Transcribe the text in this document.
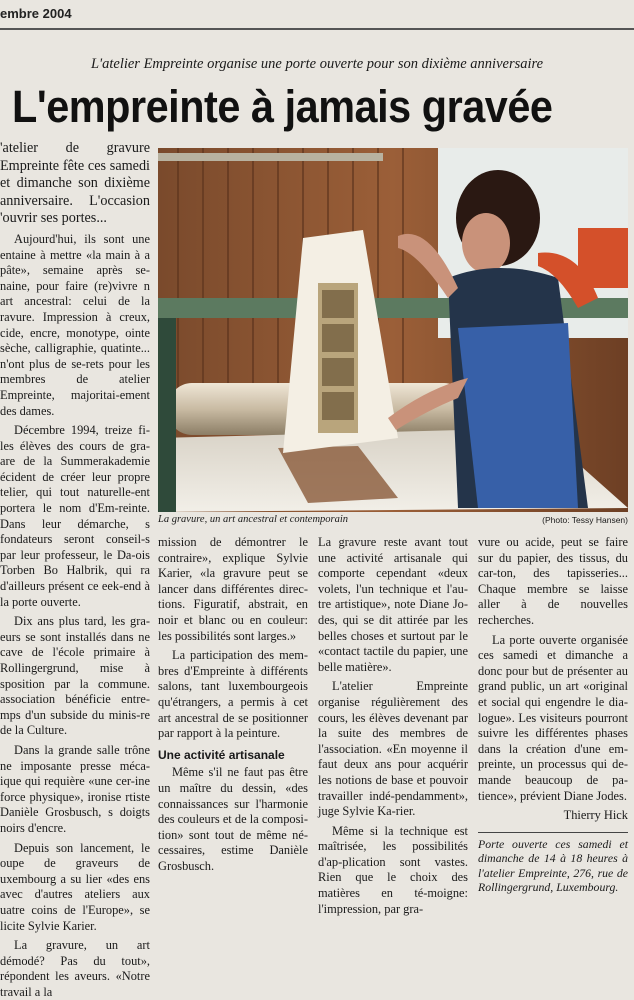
embre 2004
L'atelier Empreinte organise une porte ouverte pour son dixième anniversaire
L'empreinte à jamais gravée

'atelier de gravure Empreinte fête ces samedi et dimanche son dixième anniversaire. L'occasion 'ouvrir ses portes...

Aujourd'hui, ils sont une entaine à mettre «la main à a pâte», semaine après se-naine, pour faire (re)vivre n art ancestral: celui de la ravure. Impression à creux, cide, encre, monotype, ointe sèche, calligraphie, quatinte... n'ont plus de se-rets pour les membres de atelier Empreinte, majoritai-ement des dames.

Décembre 1994, treize fi-les élèves des cours de gra-are de la Summerakademie écident de créer leur propre telier, qui tout naturelle-ent portera le nom d'Em-reinte. Dans leur démarche, s fondateurs seront conseil-s par leur professeur, le Da-ois Torben Bo Halbrik, qui ra d'ailleurs présent ce eek-end à la porte ouverte.

Dix ans plus tard, les gra-eurs se sont installés dans ne cave de l'école primaire à Rollingergrund, mise à sposition par la commune. association bénéficie entre-mps d'un subside du minis-re de la Culture.

Dans la grande salle trône ne imposante presse méca-ique qui requière «une cer-ine force physique», ironise rtiste Danièle Grosbusch, s doigts noirs d'encre.

Depuis son lancement, le oupe de graveurs de uxembourg a su lier «des ens avec d'autres ateliers aux uatre coins de l'Europe», se licite Sylvie Karier.

La gravure, un art démodé? Pas du tout», répondent les aveurs. «Notre travail a la

La gravure, un art ancestral et contemporain	(Photo: Tessy Hansen)

mission de démontrer le contraire», explique Sylvie Karier, «la gravure peut se lancer dans différentes direc-tions. Figuratif, abstrait, en noir et blanc ou en couleur: les possibilités sont larges.»

La participation des mem-bres d'Empreinte à différents salons, tant luxembourgeois qu'étrangers, a permis à cet art ancestral de se positionner par rapport à la peinture.

Une activité artisanale

Même s'il ne faut pas être un maître du dessin, «des connaissances sur l'harmonie des couleurs et de la composi-tion» sont tout de même né-cessaires, estime Danièle Grosbusch.

La gravure reste avant tout une activité artisanale qui comporte cependant «deux volets, l'un technique et l'au-tre artistique», note Diane Jo-des, qui se dit attirée par les belles choses et surtout par le «contact tactile du papier, une belle matière».

L'atelier Empreinte organise régulièrement des cours, les élèves devenant par la suite des membres de l'association. «En moyenne il faut deux ans pour acquérir les notions de base et pouvoir travailler indé-pendamment», juge Sylvie Ka-rier.

Même si la technique est maîtrisée, les possibilités d'ap-plication sont vastes. Rien que le choix des matières en té-moigne: l'impression, par gra-

vure ou acide, peut se faire sur du papier, des tissus, du car-ton, des tapisseries... Chaque membre se laisse aller à de nouvelles recherches.

La porte ouverte organisée ces samedi et dimanche a donc pour but de présenter au grand public, un art «original et social qui engendre le dia-logue». Les visiteurs pourront suivre les différentes phases dans la création d'une em-preinte, un processus qui de-mande beaucoup de pa-tience», prévient Diane Jodes.

Thierry Hick

Porte ouverte ces samedi et dimanche de 14 à 18 heures à l'atelier Empreinte, 276, rue de Rollingergrund, Luxembourg.
